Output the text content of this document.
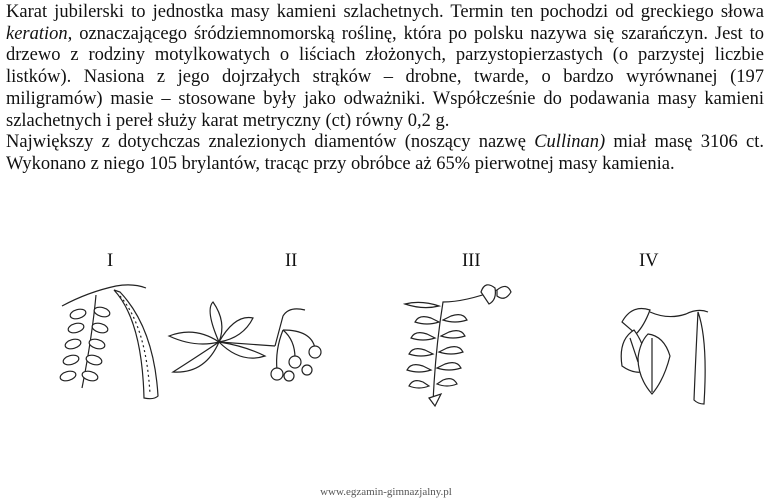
Karat jubilerski to jednostka masy kamieni szlachetnych. Termin ten pochodzi od greckiego słowa keration, oznaczającego śródziemnomorską roślinę, która po polsku nazywa się szarańczyn. Jest to drzewo z rodziny motylkowatych o liściach złożonych, parzystopierzastych (o parzystej liczbie listków). Nasiona z jego dojrzałych strąków – drobne, twarde, o bardzo wyrównanej (197 miligramów) masie – stosowane były jako odważniki. Współcześnie do podawania masy kamieni szlachetnych i pereł służy karat metryczny (ct) równy 0,2 g.

Największy z dotychczas znalezionych diamentów (noszący nazwę Cullinan) miał masę 3106 ct. Wykonano z niego 105 brylantów, tracąc przy obróbce aż 65% pierwotnej masy kamienia.

I	II	III	IV
www.egzamin-gimnazjalny.pl
